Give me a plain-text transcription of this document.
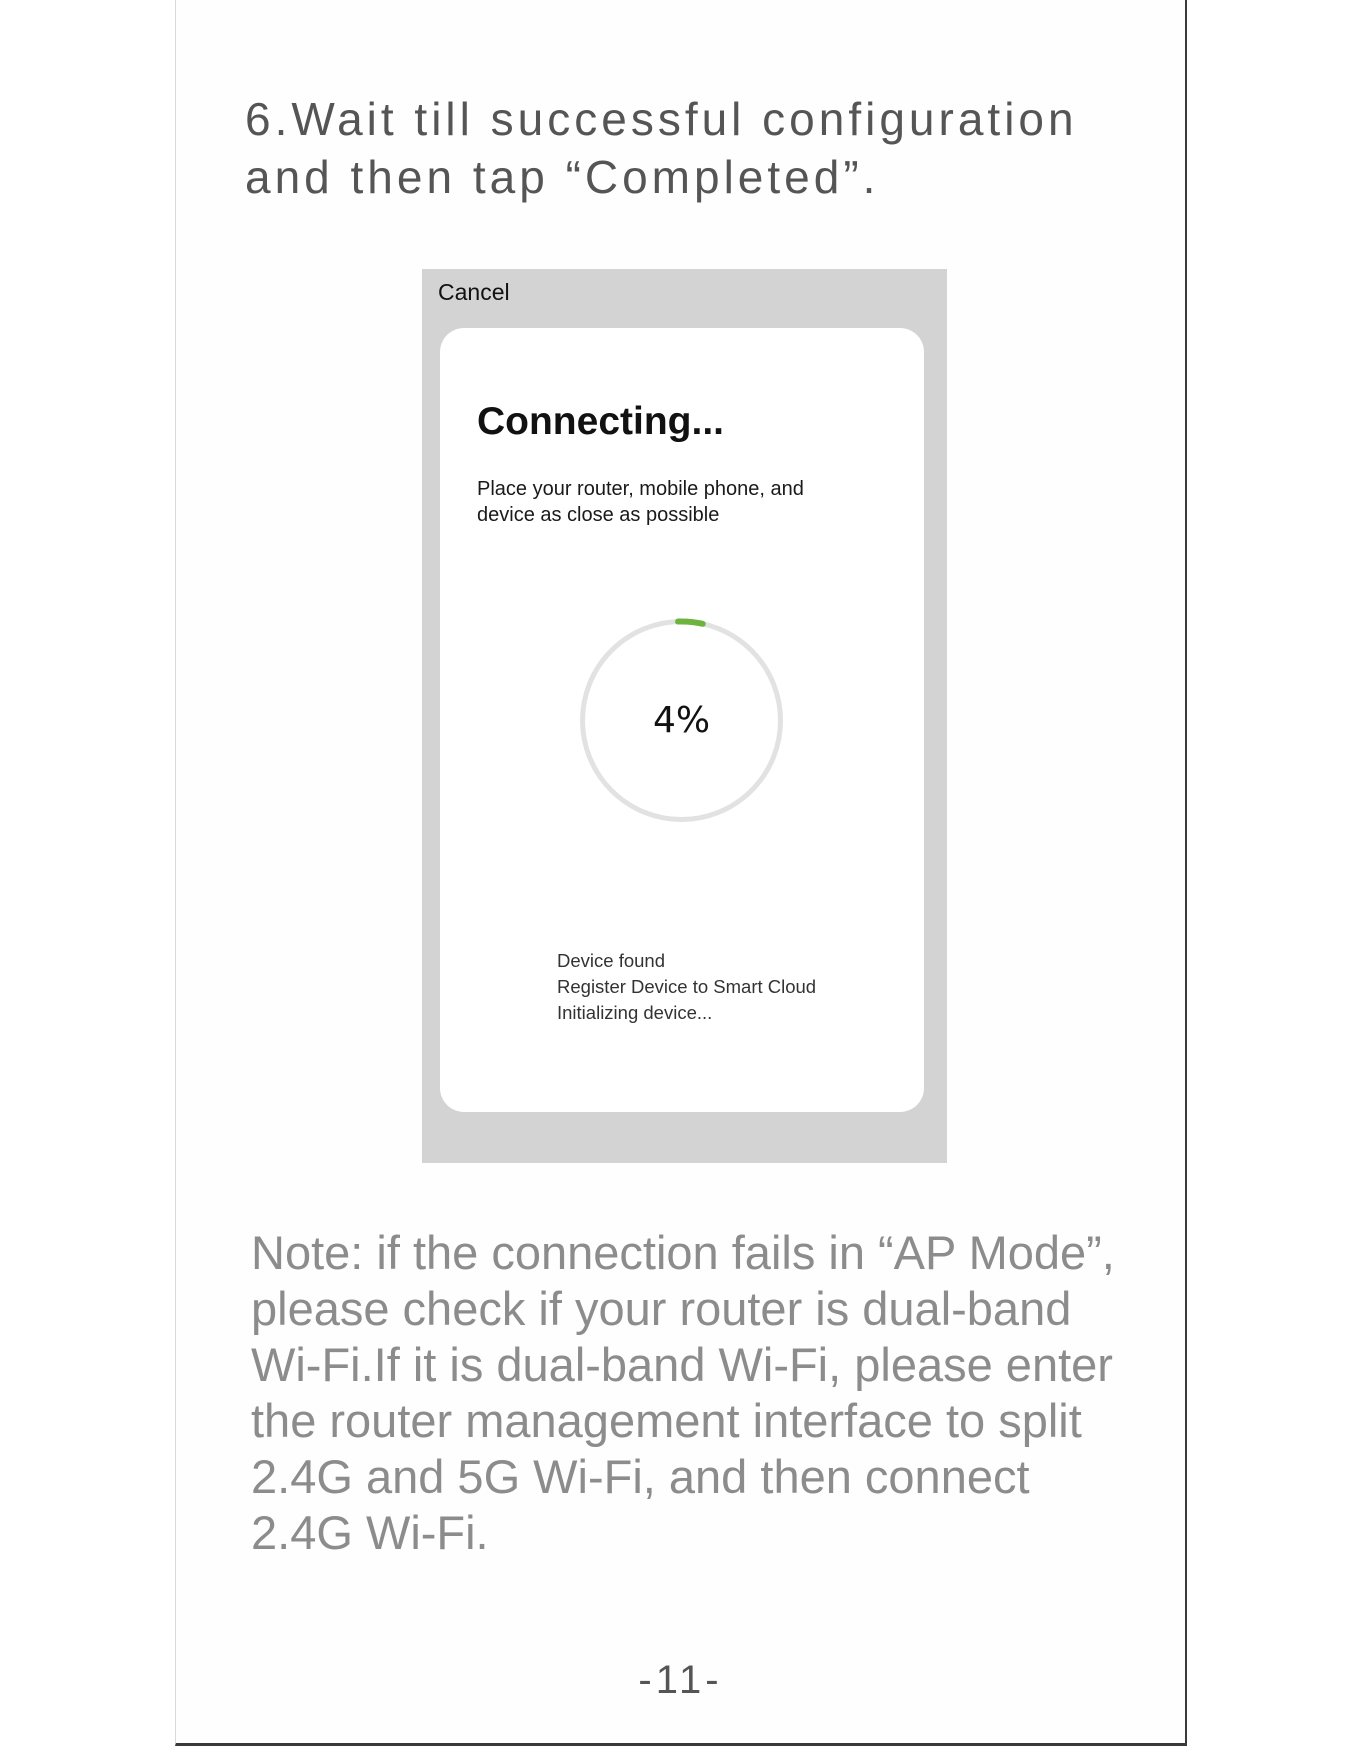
6.Wait till successful configuration
and then tap “Completed”.
Cancel
Connecting...
Place your router, mobile phone, and
device as close as possible
4%
Device found
Register Device to Smart Cloud
Initializing device...
Note: if the connection fails in “AP Mode”,
please check if your router is dual-band
Wi-Fi.If it is dual-band Wi-Fi, please enter
the router management interface to split
2.4G and 5G Wi-Fi, and then connect
2.4G Wi-Fi.
-11-
